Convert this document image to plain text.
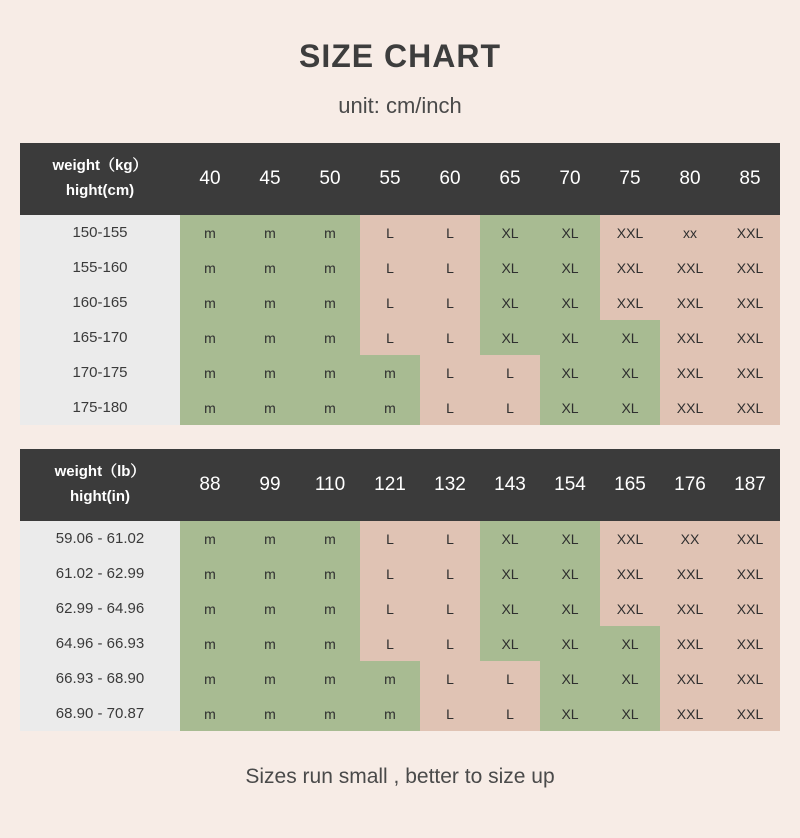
SIZE CHART
unit: cm/inch
weight（kg）
hight(cm)	40	45	50	55	60	65	70	75	80	85
150-155	m	m	m	L	L	XL	XL	XXL	xx	XXL
155-160	m	m	m	L	L	XL	XL	XXL	XXL	XXL
160-165	m	m	m	L	L	XL	XL	XXL	XXL	XXL
165-170	m	m	m	L	L	XL	XL	XL	XXL	XXL
170-175	m	m	m	m	L	L	XL	XL	XXL	XXL
175-180	m	m	m	m	L	L	XL	XL	XXL	XXL
weight（lb）
hight(in)	88	99	110	121	132	143	154	165	176	187
59.06 - 61.02	m	m	m	L	L	XL	XL	XXL	XX	XXL
61.02 - 62.99	m	m	m	L	L	XL	XL	XXL	XXL	XXL
62.99 - 64.96	m	m	m	L	L	XL	XL	XXL	XXL	XXL
64.96 - 66.93	m	m	m	L	L	XL	XL	XL	XXL	XXL
66.93 - 68.90	m	m	m	m	L	L	XL	XL	XXL	XXL
68.90 - 70.87	m	m	m	m	L	L	XL	XL	XXL	XXL
Sizes run small , better to size up
